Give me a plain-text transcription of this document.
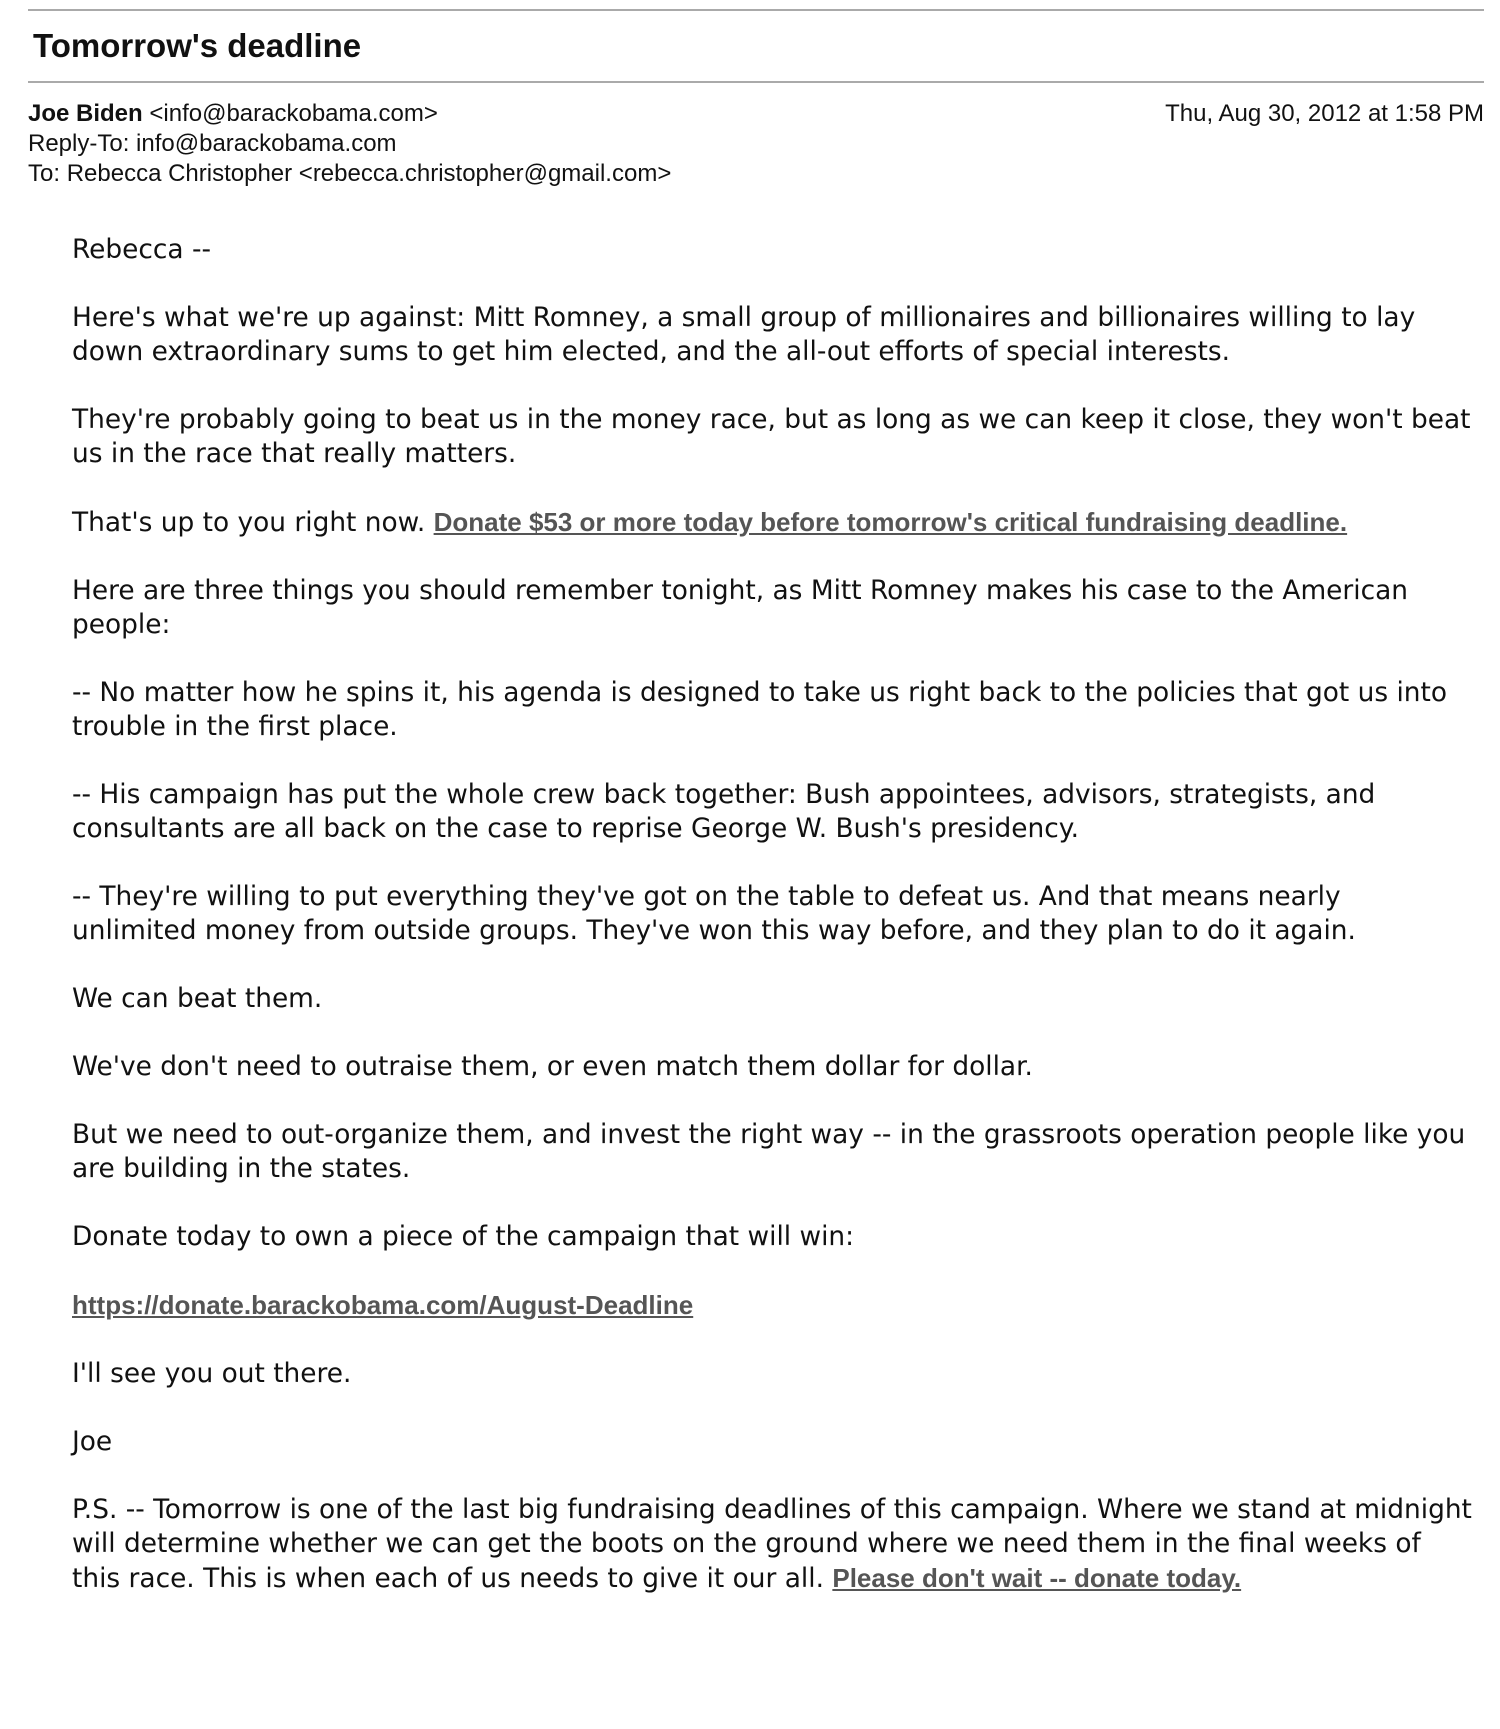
Tomorrow's deadline
Joe Biden <info@barackobama.com>	Thu, Aug 30, 2012 at 1:58 PM
Reply-To: info@barackobama.com
To: Rebecca Christopher <rebecca.christopher@gmail.com>

Rebecca --

Here's what we're up against: Mitt Romney, a small group of millionaires and billionaires willing to lay down extraordinary sums to get him elected, and the all-out efforts of special interests.

They're probably going to beat us in the money race, but as long as we can keep it close, they won't beat us in the race that really matters.

That's up to you right now. Donate $53 or more today before tomorrow's critical fundraising deadline.

Here are three things you should remember tonight, as Mitt Romney makes his case to the American people:

-- No matter how he spins it, his agenda is designed to take us right back to the policies that got us into trouble in the first place.

-- His campaign has put the whole crew back together: Bush appointees, advisors, strategists, and consultants are all back on the case to reprise George W. Bush's presidency.

-- They're willing to put everything they've got on the table to defeat us. And that means nearly unlimited money from outside groups. They've won this way before, and they plan to do it again.

We can beat them.

We've don't need to outraise them, or even match them dollar for dollar.

But we need to out-organize them, and invest the right way -- in the grassroots operation people like you are building in the states.

Donate today to own a piece of the campaign that will win:

https://donate.barackobama.com/August-Deadline

I'll see you out there.

Joe

P.S. -- Tomorrow is one of the last big fundraising deadlines of this campaign. Where we stand at midnight will determine whether we can get the boots on the ground where we need them in the final weeks of this race. This is when each of us needs to give it our all. Please don't wait -- donate today.
